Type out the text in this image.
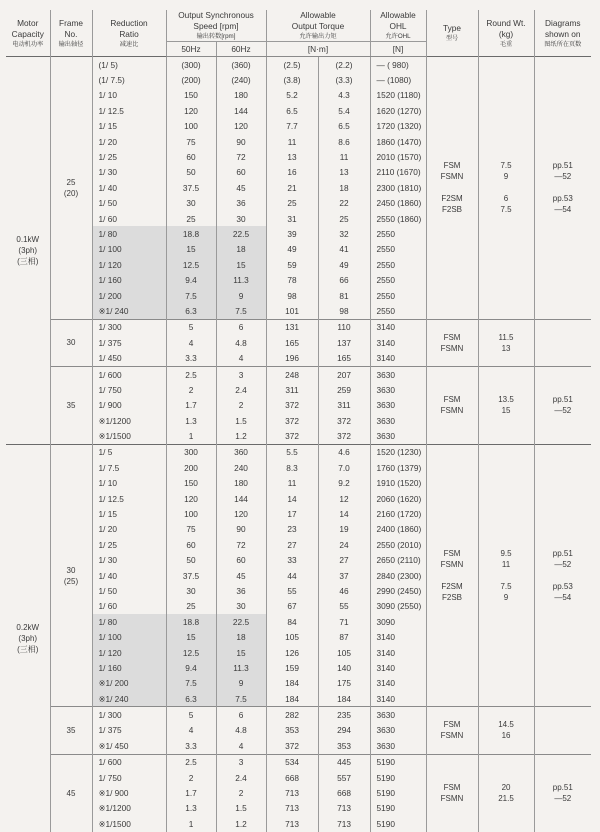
Motor
Capacity
电动机功率	Frame
No.
输出轴径	Reduction
Ratio
减速比	Output Synchronous
Speed [rpm]
输出转数[rpm]		Allowable
Output Torque
允许输出力矩		Allowable
OHL
允许OHL	Type
型号	Round Wt.
(kg)
毛重	Diagrams
shown on
图纸所在页数

			50Hz	60Hz	[N·m]		[N]			
0.1kW
(3ph)
(三相)	25
(20)	(1/ 5)	(300)	(360)	(2.5)	(2.2)	— ( 980)	FSM
FSMN

F2SM
F2SB	7.5
9

6
7.5	pp.51
—52

pp.53
—54
		(1/ 7.5)	(200)	(240)	(3.8)	(3.3)	— (1080)			
		1/ 10	150	180	5.2	4.3	1520 (1180)			
		1/ 12.5	120	144	6.5	5.4	1620 (1270)			
		1/ 15	100	120	7.7	6.5	1720 (1320)			
		1/ 20	75	90	11	8.6	1860 (1470)			
		1/ 25	60	72	13	11	2010 (1570)			
		1/ 30	50	60	16	13	2110 (1670)			
		1/ 40	37.5	45	21	18	2300 (1810)			
		1/ 50	30	36	25	22	2450 (1860)			
		1/ 60	25	30	31	25	2550 (1860)			
		1/ 80	18.8	22.5	39	32	2550			
		1/ 100	15	18	49	41	2550			
		1/ 120	12.5	15	59	49	2550			
		1/ 160	9.4	11.3	78	66	2550			
		1/ 200	7.5	9	98	81	2550			
		※1/ 240	6.3	7.5	101	98	2550			
	30	1/ 300	5	6	131	110	3140	FSM
FSMN	11.5
13	
		1/ 375	4	4.8	165	137	3140			
		1/ 450	3.3	4	196	165	3140			
	35	1/ 600	2.5	3	248	207	3630	FSM
FSMN	13.5
15	pp.51
—52
		1/ 750	2	2.4	311	259	3630			
		1/ 900	1.7	2	372	311	3630			
		※1/1200	1.3	1.5	372	372	3630			
		※1/1500	1	1.2	372	372	3630			
0.2kW
(3ph)
(三相)	30
(25)	1/ 5	300	360	5.5	4.6	1520 (1230)	FSM
FSMN

F2SM
F2SB	9.5
11

7.5
9	pp.51
—52

pp.53
—54
		1/ 7.5	200	240	8.3	7.0	1760 (1379)			
		1/ 10	150	180	11	9.2	1910 (1520)			
		1/ 12.5	120	144	14	12	2060 (1620)			
		1/ 15	100	120	17	14	2160 (1720)			
		1/ 20	75	90	23	19	2400 (1860)			
		1/ 25	60	72	27	24	2550 (2010)			
		1/ 30	50	60	33	27	2650 (2110)			
		1/ 40	37.5	45	44	37	2840 (2300)			
		1/ 50	30	36	55	46	2990 (2450)			
		1/ 60	25	30	67	55	3090 (2550)			
		1/ 80	18.8	22.5	84	71	3090			
		1/ 100	15	18	105	87	3140			
		1/ 120	12.5	15	126	105	3140			
		1/ 160	9.4	11.3	159	140	3140			
		※1/ 200	7.5	9	184	175	3140			
		※1/ 240	6.3	7.5	184	184	3140			
	35	1/ 300	5	6	282	235	3630	FSM
FSMN	14.5
16	
		1/ 375	4	4.8	353	294	3630			
		※1/ 450	3.3	4	372	353	3630			
	45	1/ 600	2.5	3	534	445	5190	FSM
FSMN	20
21.5	pp.51
—52
		1/ 750	2	2.4	668	557	5190			
		※1/ 900	1.7	2	713	668	5190			
		※1/1200	1.3	1.5	713	713	5190			
		※1/1500	1	1.2	713	713	5190			
